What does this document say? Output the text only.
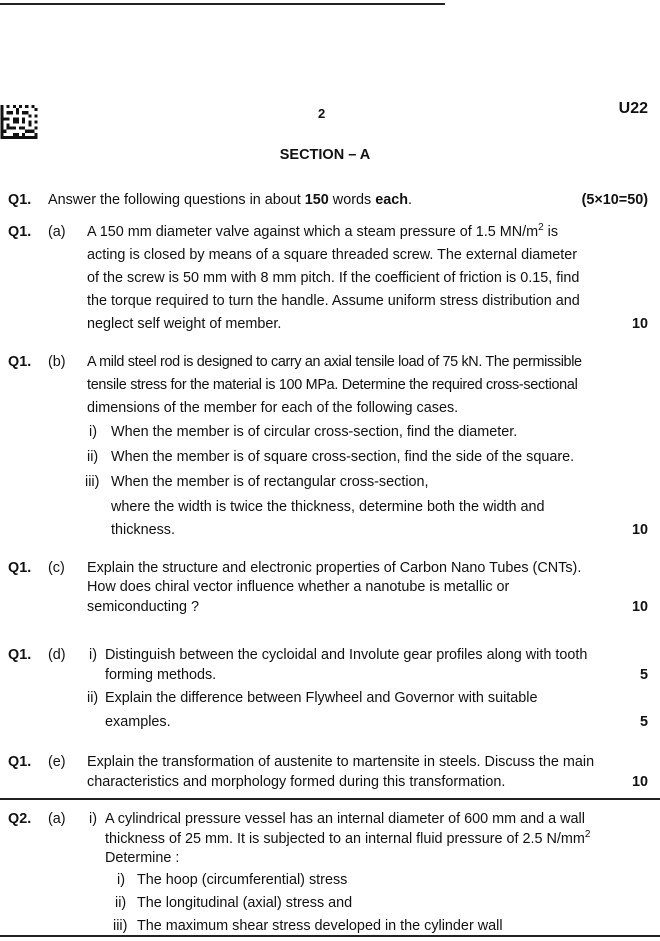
2	U22
SECTION – A
Q1. Answer the following questions in about 150 words each.	(5×10=50)
Q1. (a) A 150 mm diameter valve against which a steam pressure of 1.5 $MN/m^2$ is
acting is closed by means of a square threaded screw. The external diameter
of the screw is 50 mm with 8 mm pitch. If the coefficient of friction is 0.15, find
the torque required to turn the handle. Assume uniform stress distribution and
neglect self weight of member.	10
Q1. (b) A mild steel rod is designed to carry an axial tensile load of 75 kN. The permissible
tensile stress for the material is 100 MPa. Determine the required cross-sectional
dimensions of the member for each of the following cases.
i) When the member is of circular cross-section, find the diameter.
ii) When the member is of square cross-section, find the side of the square.
iii) When the member is of rectangular cross-section,
where the width is twice the thickness, determine both the width and
thickness.	10
Q1. (c) Explain the structure and electronic properties of Carbon Nano Tubes (CNTs).
How does chiral vector influence whether a nanotube is metallic or
semiconducting ?	10
Q1. (d) i) Distinguish between the cycloidal and Involute gear profiles along with tooth
forming methods.	5
ii) Explain the difference between Flywheel and Governor with suitable
examples.	5
Q1. (e) Explain the transformation of austenite to martensite in steels. Discuss the main
characteristics and morphology formed during this transformation.	10
Q2. (a) i) A cylindrical pressure vessel has an internal diameter of 600 mm and a wall
thickness of 25 mm. It is subjected to an internal fluid pressure of 2.5 $N/mm^2$
Determine :
i) The hoop (circumferential) stress
ii) The longitudinal (axial) stress and
iii) The maximum shear stress developed in the cylinder wall
